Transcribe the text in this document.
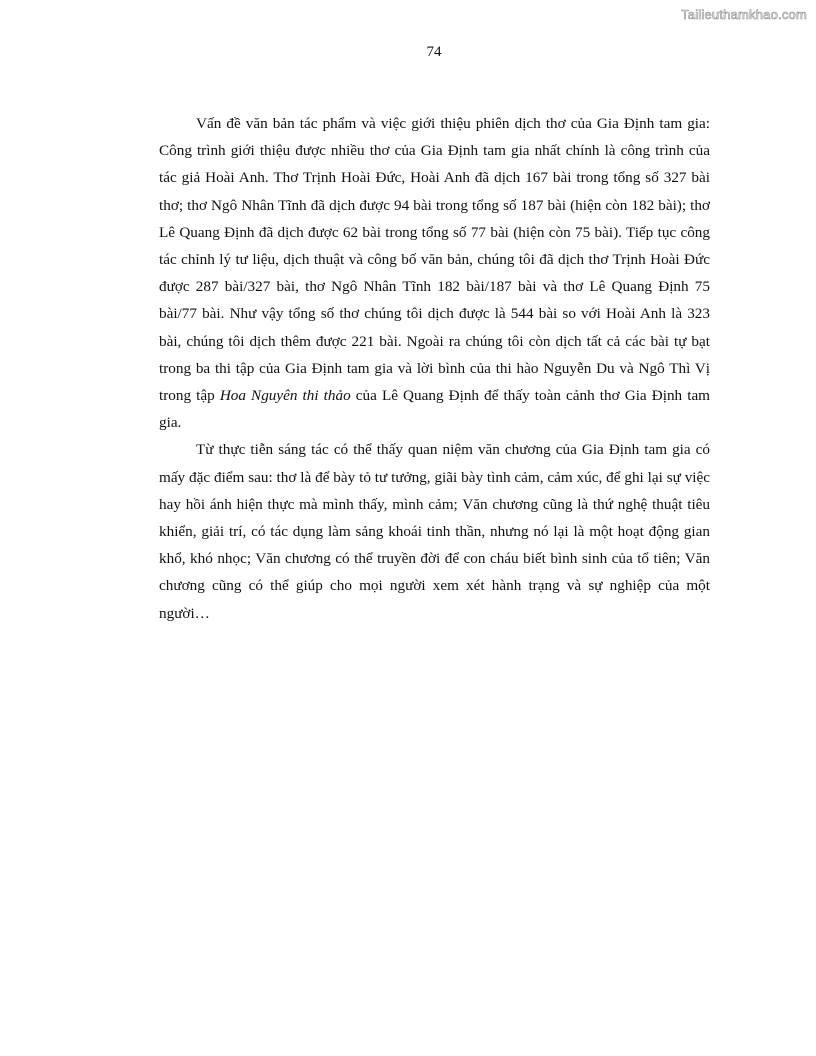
Tailieuthamkhao.com
74

Vấn đề văn bản tác phẩm và việc giới thiệu phiên dịch thơ của Gia Định tam gia: Công trình giới thiệu được nhiều thơ của Gia Định tam gia nhất chính là công trình của tác giả Hoài Anh. Thơ Trịnh Hoài Đức, Hoài Anh đã dịch 167 bài trong tổng số 327 bài thơ; thơ Ngô Nhân Tĩnh đã dịch được 94 bài trong tổng số 187 bài (hiện còn 182 bài); thơ Lê Quang Định đã dịch được 62 bài trong tổng số 77 bài (hiện còn 75 bài). Tiếp tục công tác chỉnh lý tư liệu, dịch thuật và công bố văn bản, chúng tôi đã dịch thơ Trịnh Hoài Đức được 287 bài/327 bài, thơ Ngô Nhân Tĩnh 182 bài/187 bài và thơ Lê Quang Định 75 bài/77 bài. Như vậy tổng số thơ chúng tôi dịch được là 544 bài so với Hoài Anh là 323 bài, chúng tôi dịch thêm được 221 bài. Ngoài ra chúng tôi còn dịch tất cả các bài tự bạt trong ba thi tập của Gia Định tam gia và lời bình của thi hào Nguyễn Du và Ngô Thì Vị trong tập Hoa Nguyên thi thảo của Lê Quang Định để thấy toàn cảnh thơ Gia Định tam gia.

Từ thực tiễn sáng tác có thể thấy quan niệm văn chương của Gia Định tam gia có mấy đặc điểm sau: thơ là để bày tỏ tư tưởng, giãi bày tình cảm, cảm xúc, để ghi lại sự việc hay hồi ánh hiện thực mà mình thấy, mình cảm; Văn chương cũng là thứ nghệ thuật tiêu khiển, giải trí, có tác dụng làm sảng khoái tinh thần, nhưng nó lại là một hoạt động gian khổ, khó nhọc; Văn chương có thể truyền đời để con cháu biết bình sinh của tổ tiên; Văn chương cũng có thể giúp cho mọi người xem xét hành trạng và sự nghiệp của một người…
